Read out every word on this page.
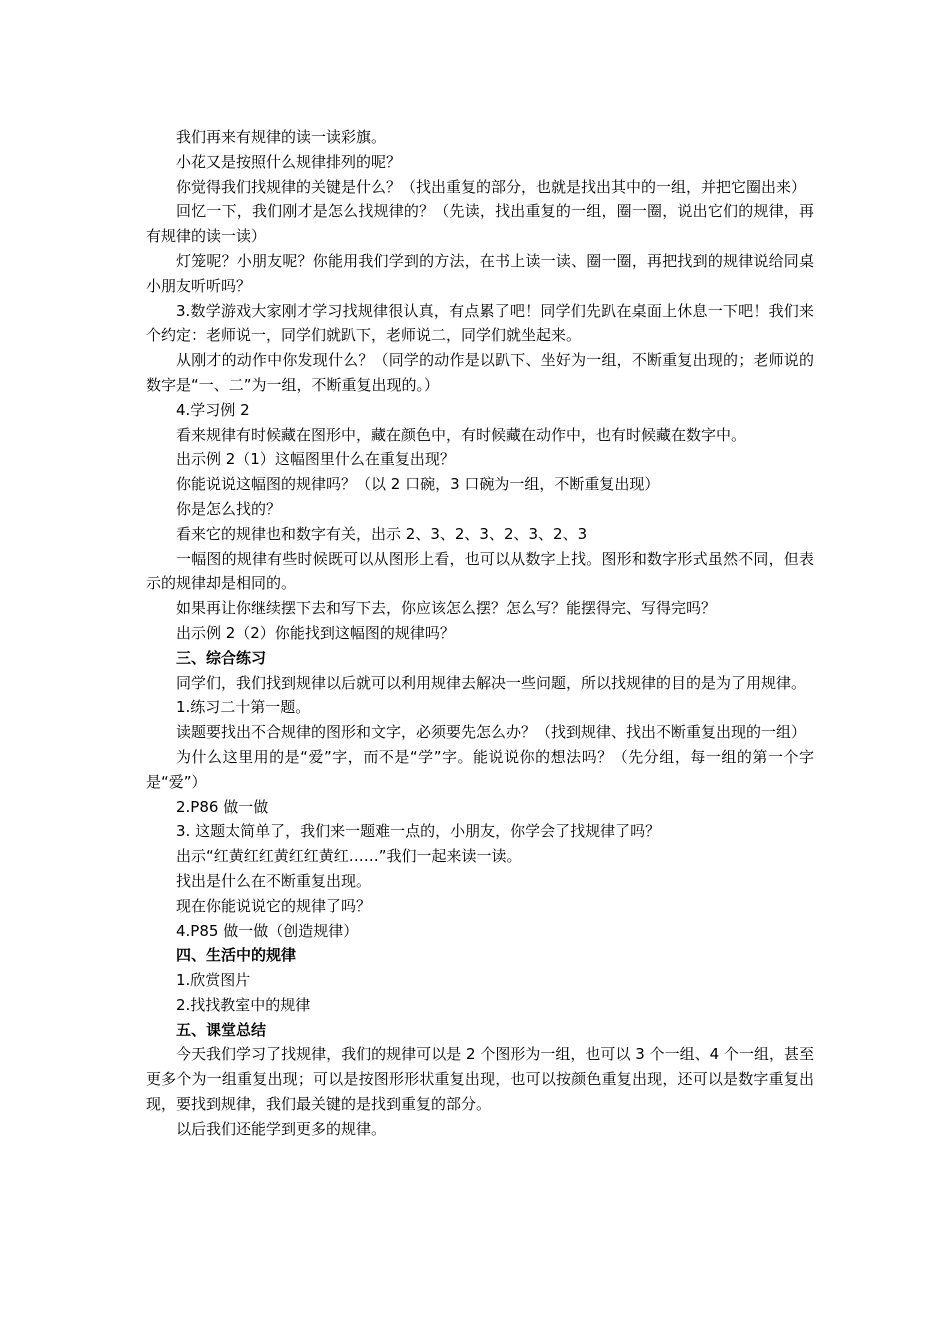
我们再来有规律的读一读彩旗。

小花又是按照什么规律排列的呢？

你觉得我们找规律的关键是什么？（找出重复的部分，也就是找出其中的一组，并把它圈出来）

回忆一下，我们刚才是怎么找规律的？（先读，找出重复的一组，圈一圈，说出它们的规律，再有规律的读一读）

灯笼呢？小朋友呢？你能用我们学到的方法，在书上读一读、圈一圈，再把找到的规律说给同桌小朋友听听吗？

3.数学游戏大家刚才学习找规律很认真，有点累了吧！同学们先趴在桌面上休息一下吧！我们来个约定：老师说一，同学们就趴下，老师说二，同学们就坐起来。

从刚才的动作中你发现什么？（同学的动作是以趴下、坐好为一组，不断重复出现的；老师说的数字是“一、二”为一组，不断重复出现的。）

4.学习例 2

看来规律有时候藏在图形中，藏在颜色中，有时候藏在动作中，也有时候藏在数字中。

出示例 2（1）这幅图里什么在重复出现？

你能说说这幅图的规律吗？（以 2 口碗，3 口碗为一组，不断重复出现）

你是怎么找的？

看来它的规律也和数字有关，出示 2、3、2、3、2、3、2、3

一幅图的规律有些时候既可以从图形上看，也可以从数字上找。图形和数字形式虽然不同，但表示的规律却是相同的。

如果再让你继续摆下去和写下去，你应该怎么摆？怎么写？能摆得完、写得完吗？

出示例 2（2）你能找到这幅图的规律吗？

三、综合练习

同学们，我们找到规律以后就可以利用规律去解决一些问题，所以找规律的目的是为了用规律。

1.练习二十第一题。

读题要找出不合规律的图形和文字，必须要先怎么办？（找到规律、找出不断重复出现的一组）

为什么这里用的是“爱”字，而不是“学”字。能说说你的想法吗？（先分组，每一组的第一个字是“爱”）

2.P86 做一做

3. 这题太简单了，我们来一题难一点的，小朋友，你学会了找规律了吗？

出示“红黄红红黄红红黄红……”我们一起来读一读。

找出是什么在不断重复出现。

现在你能说说它的规律了吗？

4.P85 做一做（创造规律）

四、生活中的规律

1.欣赏图片

2.找找教室中的规律

五、课堂总结

今天我们学习了找规律，我们的规律可以是 2 个图形为一组，也可以 3 个一组、4 个一组，甚至更多个为一组重复出现；可以是按图形形状重复出现，也可以按颜色重复出现，还可以是数字重复出现，要找到规律，我们最关键的是找到重复的部分。

以后我们还能学到更多的规律。
